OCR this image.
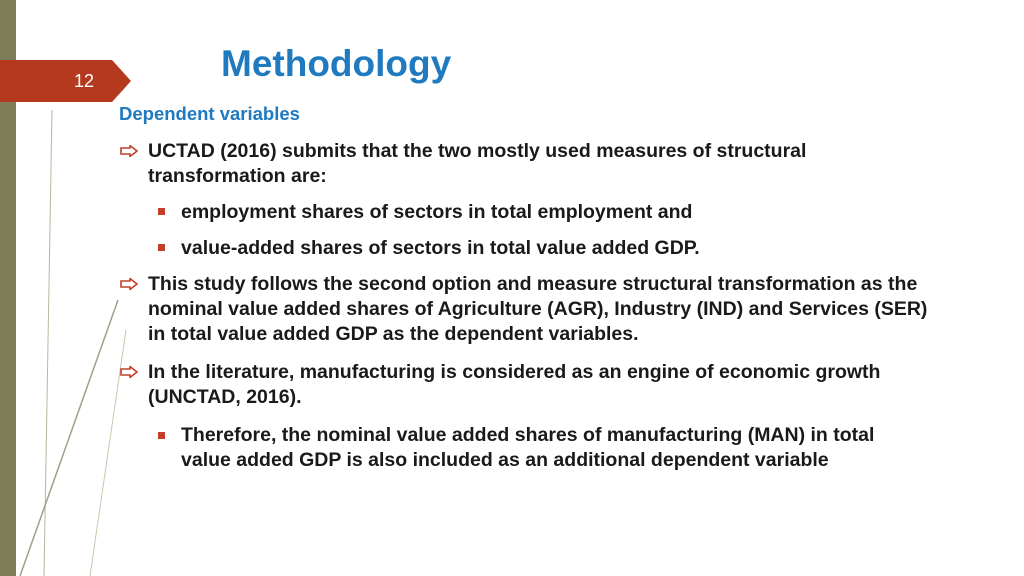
12	Methodology
Dependent variables
UCTAD (2016) submits that the two mostly used measures of structural transformation are:
employment shares of sectors in total employment and
value-added shares of sectors in total value added GDP.
This study follows the second option and measure structural transformation as the nominal value added shares of Agriculture (AGR), Industry (IND) and Services (SER) in total value added GDP as the dependent variables.
In the literature, manufacturing is considered as an engine of economic growth (UNCTAD, 2016).
Therefore, the nominal value added shares of manufacturing (MAN) in total value added GDP is also included as an additional dependent variable
